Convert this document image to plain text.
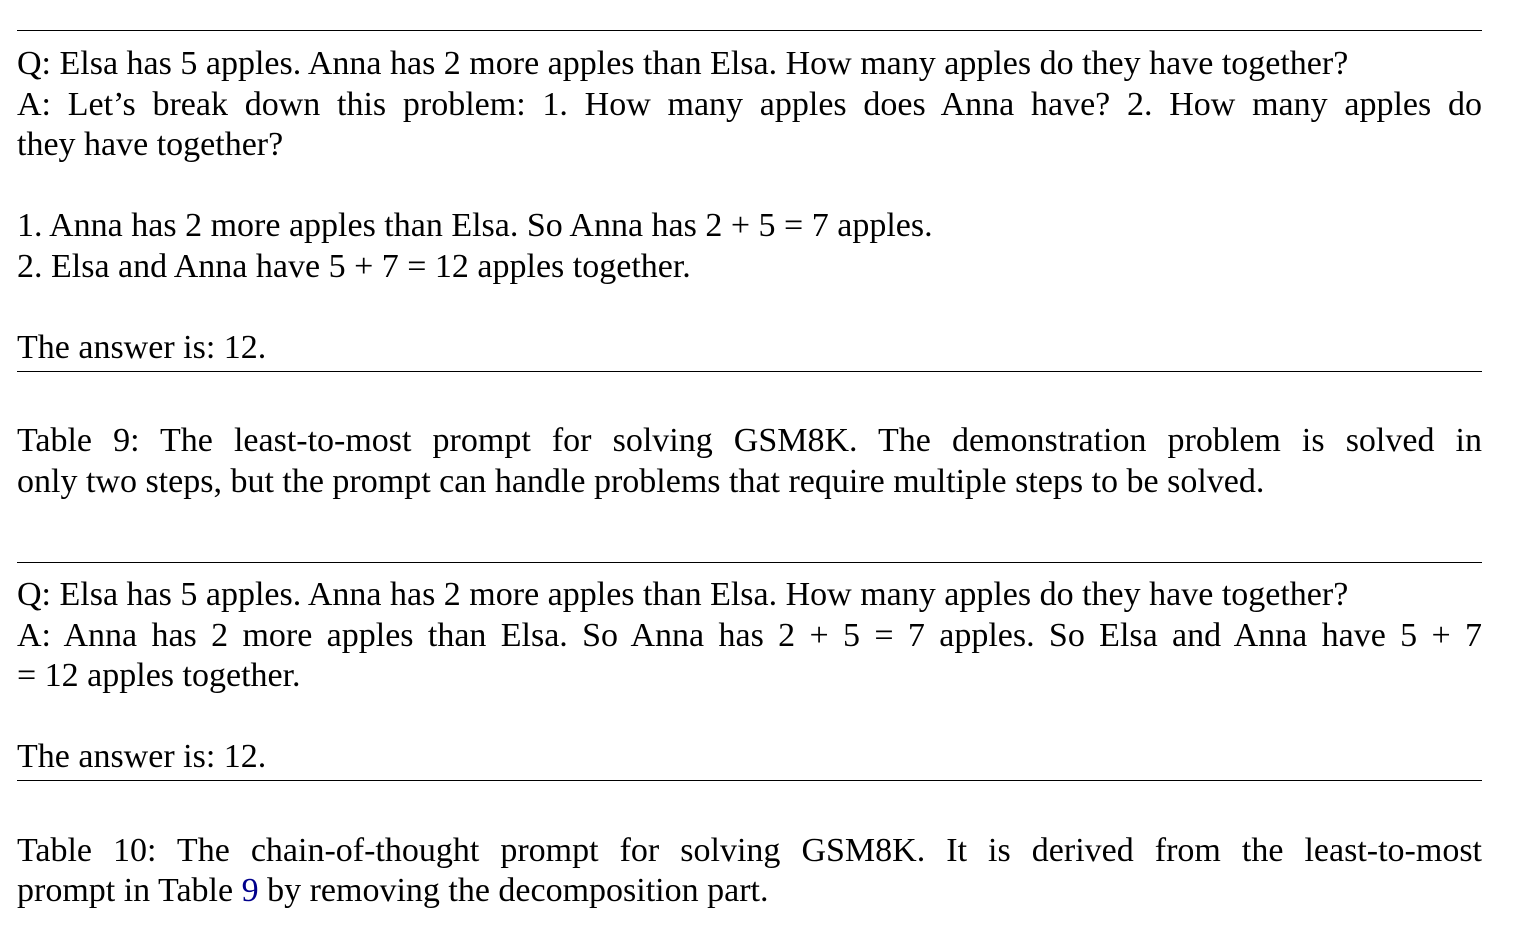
Q: Elsa has 5 apples. Anna has 2 more apples than Elsa. How many apples do they have together?
A: Let’s break down this problem: 1. How many apples does Anna have? 2. How many apples do
they have together?
1. Anna has 2 more apples than Elsa. So Anna has 2 + 5 = 7 apples.
2. Elsa and Anna have 5 + 7 = 12 apples together.
The answer is: 12.
Table 9: The least-to-most prompt for solving GSM8K. The demonstration problem is solved in
only two steps, but the prompt can handle problems that require multiple steps to be solved.
Q: Elsa has 5 apples. Anna has 2 more apples than Elsa. How many apples do they have together?
A: Anna has 2 more apples than Elsa. So Anna has 2 + 5 = 7 apples. So Elsa and Anna have 5 + 7
= 12 apples together.
The answer is: 12.
Table 10: The chain-of-thought prompt for solving GSM8K. It is derived from the least-to-most
prompt in Table 9 by removing the decomposition part.
